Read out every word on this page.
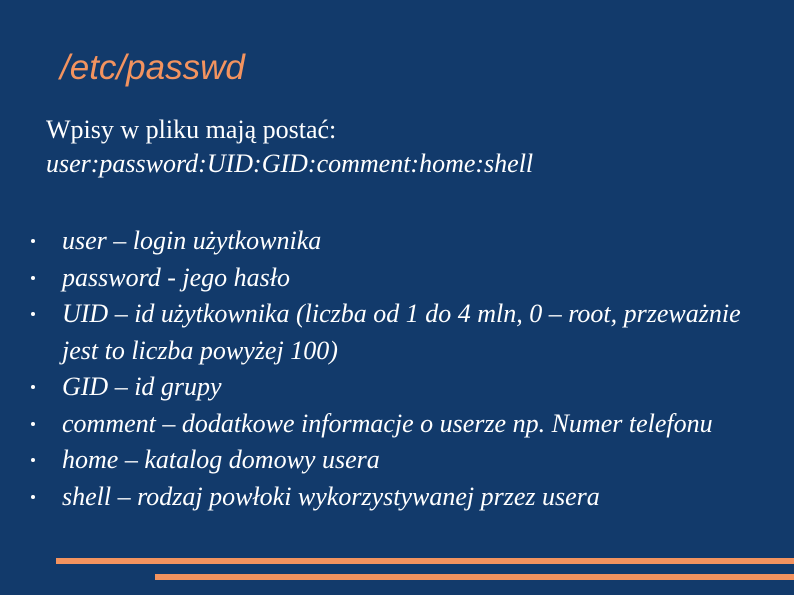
/etc/passwd
Wpisy w pliku mają postać:
user:password:UID:GID:comment:home:shell
user – login użytkownika
password - jego hasło
UID – id użytkownika (liczba od 1 do 4 mln, 0 – root, przeważnie jest to liczba powyżej 100)
GID – id grupy
comment – dodatkowe informacje o userze np. Numer telefonu
home – katalog domowy usera
shell – rodzaj powłoki wykorzystywanej przez usera
